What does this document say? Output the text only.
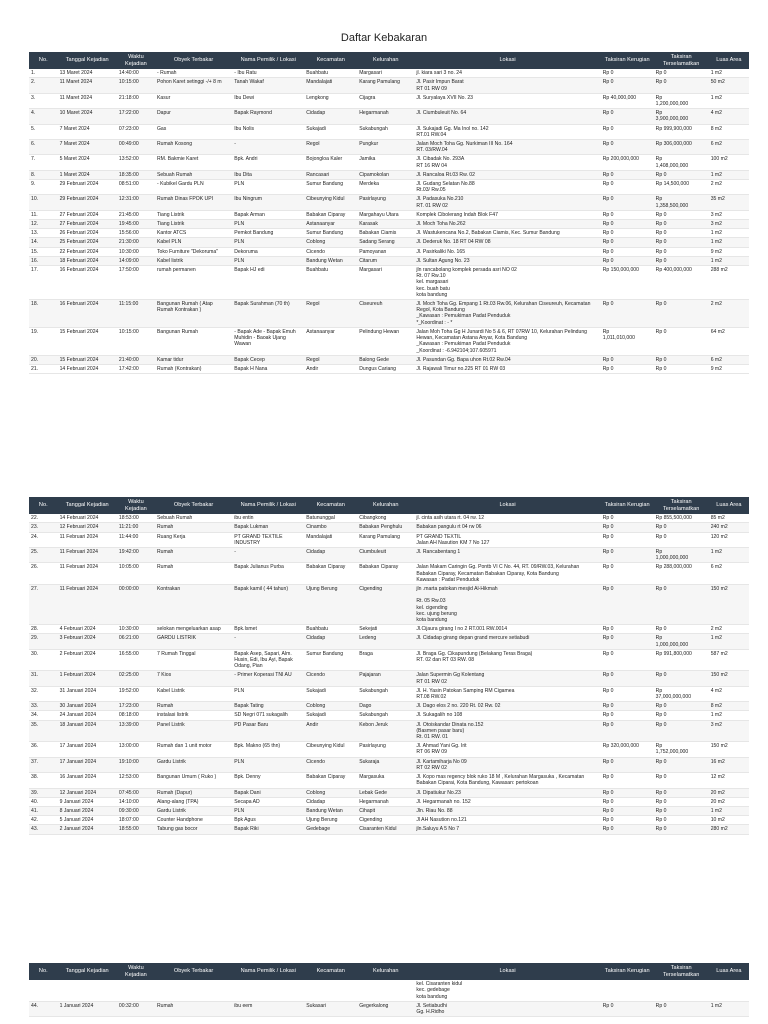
Daftar Kebakaran
No.	Tanggal Kejadian	Waktu Kejadian	Obyek Terbakar	Nama Pemilik / Lokasi	Kecamatan	Kelurahan	Lokasi	Taksiran Kerugian	Taksiran Terselamatkan	Luas Area
1.	13 Maret 2024	14:40:00	- Rumah	- Ibu Ratu	Buahbatu	Margasari	jl. kiara sari 3 no. 24	Rp 0	Rp 0	1 m2
2.	11 Maret 2024	10:15:00	Pohon Karet setinggi -/+ 8 m	Tanah Wakaf	Mandalajati	Karang Pamulang	Jl. Pasir Impun Barat
RT 01 RW 09	Rp 0	Rp 0	50 m2
3.	11 Maret 2024	21:18:00	Kasur	Ibu Dewi	Lengkong	Cijagra	Jl. Suryalaya XVII No. 23	Rp 40,000,000	Rp
1,200,000,000	1 m2
4.	10 Maret 2024	17:22:00	Dapur	Bapak Raymond	Cidadap	Hegarmanah	Jl. Ciumbuleuit No. 64	Rp 0	Rp
3,900,000,000	4 m2
5.	7 Maret 2024	07:23:00	Gas	Ibu Nolis	Sukajadi	Sukabungah	Jl. Sukajadi Gg. Ma Inol no. 142
RT.01 RW.04	Rp 0	Rp 999,900,000	8 m2
6.	7 Maret 2024	00:49:00	Rumah Kosong	-	Regol	Pungkur	Jalan Moch Toha Gg. Nurkiman III No. 164
RT. 03/RW.04	Rp 0	Rp 306,000,000	6 m2
7.	5 Maret 2024	13:52:00	RM. Bakmie Karet	Bpk. Andri	Bojongloa Kaler	Jamika	Jl. Cibadak No. 293A
RT 16 RW 04	Rp 200,000,000	Rp
1,408,000,000	100 m2
8.	1 Maret 2024	18:35:00	Sebuah Rumah	Ibu Dita	Rancasari	Cipamokolan	Jl. Rancaloa Rt.03 Rw. 02	Rp 0	Rp 0	1 m2
9.	29 Februari 2024	08:51:00	- Kubikel Gardu PLN	PLN	Sumur Bandung	Merdeka	Jl. Gudang Selatan No.88
Rt.03/ Rw.05	Rp 0	Rp 14,500,000	2 m2
10.	29 Februari 2024	12:31:00	Rumah Dinas FPOK UPI	Ibu Ningrum	Cibeunying Kidul	Pasirlayung	Jl. Padasuka No.210
RT. 01 RW 02	Rp 0	Rp
1,358,500,000	35 m2
11.	27 Februari 2024	21:45:00	Tiang Listrik	Bapak Arman	Babakan Ciparay	Margahayu Utara	Komplek Cibolerang Indah Blok F47	Rp 0	Rp 0	3 m2
12.	27 Februari 2024	19:45:00	Tiang Listrik	PLN	Astanaanyar	Karasak	Jl. Moch Toha No.262	Rp 0	Rp 0	3 m2
13.	26 Februari 2024	15:56:00	Kantor ATCS	Pemkot Bandung	Sumur Bandung	Babakan Ciamis	Jl. Wastukencana No.2, Babakan Ciamis, Kec. Sumur Bandung	Rp 0	Rp 0	1 m2
14.	25 Februari 2024	21:30:00	Kabel PLN	PLN	Coblong	Sadang Serang	Jl. Dederuk No. 18 RT 04 RW 08	Rp 0	Rp 0	1 m2
15.	22 Februari 2024	10:30:00	Toko Furniture "Dekoruma"	Dekoruma	Cicendo	Pamoyanan	Jl. Pasirkaliki No. 165	Rp 0	Rp 0	9 m2
16.	18 Februari 2024	14:09:00	Kabel listrik	PLN	Bandung Wetan	Citarum	Jl. Sultan Agung No. 23	Rp 0	Rp 0	1 m2
17.	16 Februari 2024	17:50:00	rumah permanen	Bapak HJ edi	Buahbatu	Margasari	jln rancabolang komplek persada asri NO 02
Rt. 07 Rw.10
kel. margasari
kec. buah batu
kota bandung	Rp 150,000,000	Rp 400,000,000	288 m2
18.	16 Februari 2024	11:15:00	Bangunan Rumah ( Atap Rumah Kontrakan )	Bapak Surahman (70 th)	Regol	Ciseureuh	Jl. Moch Toha Gg. Empang 1 Rt.03 Rw.06, Kelurahan Ciseureuh, Kecamatan Regol, Kota Bandung
_Kawasan : Pemukiman Padat Penduduk
*_Koordinat : - *	Rp 0	Rp 0	2 m2
19.	15 Februari 2024	10:15:00	Bangunan Rumah	- Bapak Ade - Bapak Emuh Muhidin - Baoak Ujang Wawan	Astanaanyar	Pelindung Hewan	Jalan Moh Toha Gg H Junardi No 5 & 6, RT 07RW 10, Kelurahan Pelindung Hewan, Kecamatan Astana Anyar, Kota Bandung
_Kawasan : Pemukiman Padat Penduduk
_Koordinat : -6.942104;107.605971	Rp
1,011,010,000	Rp 0	64 m2
20.	15 Februari 2024	21:40:00	Kamar tidur	Bapak Cecep	Regol	Balong Gede	Jl. Pasundan Gg. Bapa uhon Rt.02 Rw.04	Rp 0	Rp 0	6 m2
21.	14 Februari 2024	17:42:00	Rumah (Kontrakan)	Bapak H Nana	Andir	Dungus Cariang	Jl. Rajawali Timur no.225 RT 01 RW 03	Rp 0	Rp 0	9 m2
No.	Tanggal Kejadian	Waktu Kejadian	Obyek Terbakar	Nama Pemilik / Lokasi	Kecamatan	Kelurahan	Lokasi	Taksiran Kerugian	Taksiran Terselamatkan	Luas Area
22.	14 Februari 2024	18:53:00	Sebuah Rumah	ibu entin	Batununggal	Cibangkong	jl. cinta asih utara rt. 04 rw. 12	Rp 0	Rp 855,500,000	85 m2
23.	12 Februari 2024	11:21:00	Rumah	Bapak Lukman	Cinambo	Babakan Penghulu	Babakan pangulu rt 04 rw 06	Rp 0	Rp 0	240 m2
24.	11 Februari 2024	11:44:00	Ruang Kerja	PT GRAND TEXTILE INDUSTRY	Mandalajati	Karang Pamulang	PT GRAND TEXTIL
Jalan AH Nasution KM 7 No 127	Rp 0	Rp 0	120 m2
25.	11 Februari 2024	19:42:00	Rumah	-	Cidadap	Ciumbuleuit	Jl. Rancabentang 1	Rp 0	Rp
1,000,000,000	1 m2
26.	11 Februari 2024	10:05:00	Rumah	Bapak Julianus Purba	Babakan Ciparay	Babakan Ciparay	Jalan Makam Caringin Gg. Pontb VI C No. 44, RT. 09/RW.03, Kelurahan Babakan Ciparay, Kecamatan Babakan Ciparay, Kota Bandung
Kawasan : Padat Penduduk	Rp 0	Rp 288,000,000	6 m2
27.	11 Februari 2024	00:00:00	Kontrakan	Bapak kamil ( 44 tahun)	Ujung Berung	Cigending	jln .marta patokan mesjid Al-Hikmah

Rt. 05 Rw.03
kel. cigending
kec. ujung berung
kota bandung	Rp 0	Rp 0	150 m2
28.	4 Februari 2024	10:30:00	selokan mengeluarkan asap	Bpk.Ismet	Buahbatu	Sekejati	Jl.Cijaura girang I no 2 RT.001 RW.0014	Rp 0	Rp 0	2 m2
29.	3 Februari 2024	06:21:00	GARDU LISTRIK	-	Cidadap	Ledeng	Jl. Cidadap girang depan grand mercure setiabudi	Rp 0	Rp
1,000,000,000	1 m2
30.	2 Februari 2024	16:55:00	7 Rumah Tinggal	Bapak Asep, Sapari, Alm. Husin, Edi, Ibu Ayi, Bapak Odang, Pian	Sumur Bandung	Braga	Jl. Braga Gg. Cikapundung (Belakang Teras Braga)
RT. 02 dan RT 03 RW. 08	Rp 0	Rp 991,800,000	587 m2
31.	1 Februari 2024	02:25:00	7 Kios	- Primer Koperasi TNI AU	Cicendo	Pajajaran	Jalan Supermin Gg Kolentang
RT 01 RW 02	Rp 0	Rp 0	150 m2
32.	31 Januari 2024	19:52:00	Kabel Listrik	PLN	Sukajadi	Sukabungah	Jl. H. Yasin Patokan Samping RM Cigamea
RT.08 RW.02	Rp 0	Rp
37,000,000,000	4 m2
33.	30 Januari 2024	17:23:00	Rumah	Bapak Tating	Coblong	Dago	Jl. Dago elos 2 no. 220 Rt. 02 Rw. 02	Rp 0	Rp 0	8 m2
34.	24 Januari 2024	08:18:00	instalasi listrik	SD Negri 071 sukagalih	Sukajadi	Sukabungah	Jl. Sukagalih no 108	Rp 0	Rp 0	1 m2
35.	18 Januari 2024	13:39:00	Panel Listrik	PD Pasar Baru	Andir	Kebon Jeruk	Jl. Otoiskandar Dinata no.152
(Basmen pasar baru)
Rt. 01 RW. 01	Rp 0	Rp 0	3 m2
36.	17 Januari 2024	13:00:00	Rumah dan 1 unit motor	Bpk. Makno (65 thn)	Cibeunying Kidul	Pasirlayung	Jl. Ahmad Yani Gg. Irit
RT 06 RW 09	Rp 320,000,000	Rp
1,752,000,000	150 m2
37.	17 Januari 2024	19:10:00	Gardu Listrik	PLN	Cicendo	Sukaraja	Jl. Kartamiharja No 09
RT 02 RW 02	Rp 0	Rp 0	16 m2
38.	16 Januari 2024	12:53:00	Bangunan Umum ( Ruko )	Bpk. Denny	Babakan Ciparay	Margasuka	Jl. Kopo mas regency blok ruko 18 M , Kelurahan Margasuka , Kecamatan Babakan Ciparai, Kota Bandung, Kawasan: pertokoan	Rp 0	Rp 0	12 m2
39.	12 Januari 2024	07:45:00	Rumah (Dapur)	Bapak Dani	Coblong	Lebak Gede	Jl. Dipatiukur No.23	Rp 0	Rp 0	20 m2
40.	9 Januari 2024	14:10:00	Alang-alang (TPA)	Secapa AD	Cidadap	Hegarmanah	Jl. Hegarmanah no. 152	Rp 0	Rp 0	20 m2
41.	8 Januari 2024	09:30:00	Gardu Listrik	PLN	Bandung Wetan	Cihapit	Jln. Riau No. 88	Rp 0	Rp 0	1 m2
42.	5 Januari 2024	18:07:00	Counter Handphone	Bpk Agus	Ujung Berung	Cigending	Jl AH Nasution no.121	Rp 0	Rp 0	10 m2
43.	2 Januari 2024	18:55:00	Tabung gas bocor	Bapak Riki	Gedebage	Cisaranten Kidul	jln.Saluyu A 5 No 7	Rp 0	Rp 0	280 m2
No.	Tanggal Kejadian	Waktu Kejadian	Obyek Terbakar	Nama Pemilik / Lokasi	Kecamatan	Kelurahan	Lokasi	Taksiran Kerugian	Taksiran Terselamatkan	Luas Area
							kel. Cisaranten kidul
kec. gedebage
kota bandung			
44.	1 Januari 2024	00:32:00	Rumah	ibu eem	Sukasari	Gegerkalong	Jl. Setiabudhi
Gg. H.Ridho	Rp 0	Rp 0	1 m2
